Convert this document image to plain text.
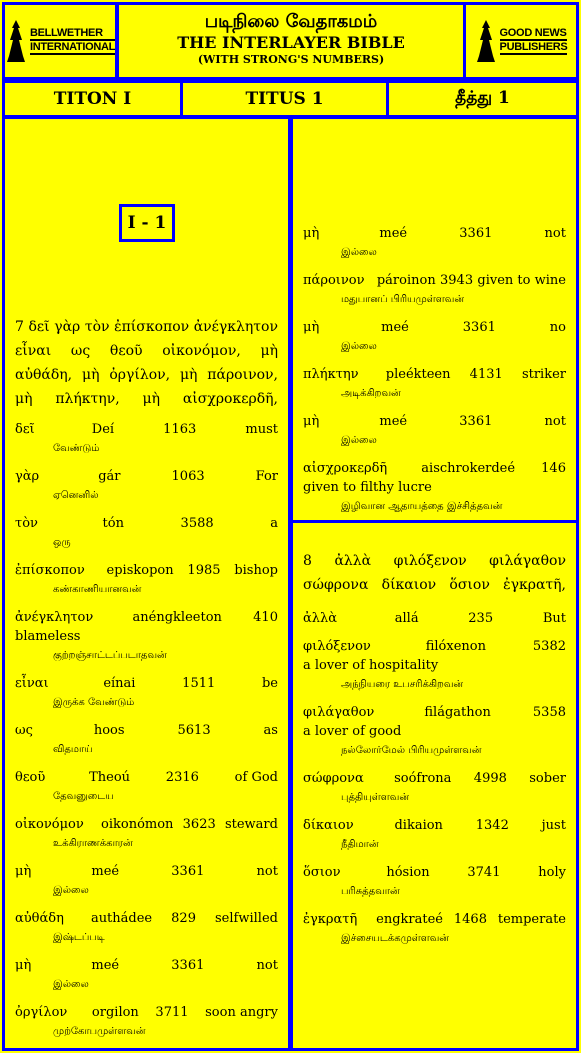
BELLWETHER
INTERNATIONAL
படிநிலை வேதாகமம்
THE INTERLAYER BIBLE
(WITH STRONG'S NUMBERS)
GOOD NEWS
PUBLISHERS
ΤΙΤΟΝ Ι	TITUS 1	தீத்து 1
I - 1
7 δεῖ γὰρ τὸν ἐπίσκοπον ἀνέγκλητον εἶναι ως θεοῦ οἰκονόμον, μὴ αὐθάδη, μὴ ὀργίλον, μὴ πάροινον, μὴ πλήκτην, μὴ αἰσχροκερδῆ,
δεῖ	Deí	1163	must
வேண்டும்
γὰρ	gár	1063	For
ஏனெனில்
τὸν	tón	3588	a
ஒரு
ἐπίσκοπον episkopon 1985 bishop
கண்காணியானவன்
ἀνέγκλητον	anéngkleeton 410
blameless
குற்றஞ்சாட்டப்படாதவன்
εἶναι	eínai	1511	be
இருக்க வேண்டும்
ως	hoos	5613	as
விதமாய்
θεοῦ	Theoú	2316	of God
தேவனுடைய
οἰκονόμον oikonómon 3623 steward
உக்கிராணக்காரன்
μὴ	meé	3361	not
இல்லை
αὐθάδη authádee 829 selfwilled
இஷ்டப்படி
μὴ	meé	3361	not
இல்லை
ὀργίλον orgilon 3711 soon angry
முற்கோபமுள்ளவன்
μὴ	meé	3361	not
இல்லை
πάροινον pároinon 3943 given to wine
மதுபானப் பிரியமுள்ளவன்
μὴ	meé	3361	no
இல்லை
πλήκτην pleékteen 4131 striker
அடிக்கிறவன்
μὴ	meé	3361	not
இல்லை
αἰσχροκερδῆ	aischrokerdeé 146
given to filthy lucre
இழிவான ஆதாயத்தை இச்சித்தவன்
8 ἀλλὰ φιλόξενον φιλάγαθον σώφρονα δίκαιον ὅσιον ἐγκρατῆ,
ἀλλὰ	allá	235	But
φιλόξενον	filóxenon	5382
a lover of hospitality
அந்நியரை உபசரிக்கிறவன்
φιλάγαθον	filágathon	5358
a lover of good
நல்லோர்மேல் பிரியமுள்ளவன்
σώφρονα soófrona 4998 sober
புத்தியுள்ளவன்
δίκαιον	dikaion	1342	just
நீதிமான்
ὅσιον	hósion	3741	holy
பரிசுத்தவான்
ἐγκρατῆ engkrateé 1468 temperate
இச்சையடக்கமுள்ளவன்
